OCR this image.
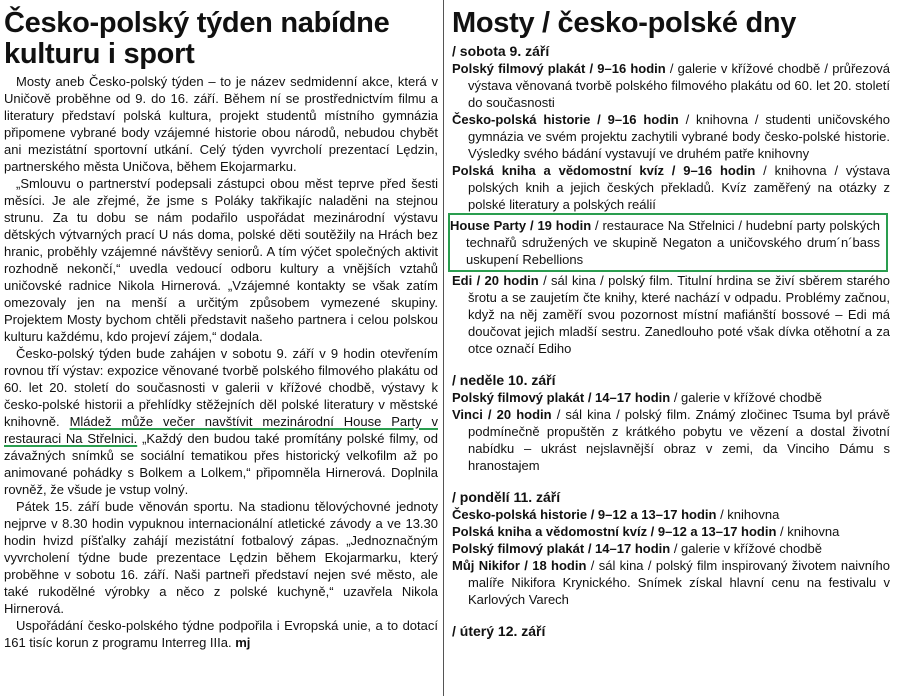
Česko-polský týden nabídne kulturu i sport

Mosty aneb Česko-polský týden – to je název sedmidenní akce, která v Uničově proběhne od 9. do 16. září. Během ní se prostřednictvím filmu a literatury představí polská kultura, projekt studentů místního gymnázia připomene vybrané body vzájemné historie obou národů, nebudou chybět ani mezistátní sportovní utkání. Celý týden vyvrcholí prezentací Lędzin, partnerského města Uničova, během Ekojarmarku.

„Smlouvu o partnerství podepsali zástupci obou měst teprve před šesti měsíci. Je ale zřejmé, že jsme s Poláky takřikajíc naladěni na stejnou strunu. Za tu dobu se nám podařilo uspořádat mezinárodní výstavu dětských výtvarných prací U nás doma, polské děti soutěžily na Hrách bez hranic, proběhly vzájemné návštěvy seniorů. A tím výčet společných aktivit rozhodně nekončí,“ uvedla vedoucí odboru kultury a vnějších vztahů uničovské radnice Nikola Hirnerová. „Vzájemné kontakty se však zatím omezovaly jen na menší a určitým způsobem vymezené skupiny. Projektem Mosty bychom chtěli představit našeho partnera i celou polskou kulturu každému, kdo projeví zájem,“ dodala.

Česko-polský týden bude zahájen v sobotu 9. září v 9 hodin otevřením rovnou tří výstav: expozice věnované tvorbě polského filmového plakátu od 60. let 20. století do současnosti v galerii v křížové chodbě, výstavy k česko-polské historii a přehlídky stěžejních děl polské literatury v městské knihovně. Mládež může večer navštívit mezinárodní House Party v restauraci Na Střelnici. „Každý den budou také promítány polské filmy, od závažných snímků se sociální tematikou přes historický velkofilm až po animované pohádky s Bolkem a Lolkem,“ připomněla Hirnerová. Doplnila rovněž, že všude je vstup volný.

Pátek 15. září bude věnován sportu. Na stadionu tělovýchovné jednoty nejprve v 8.30 hodin vypuknou internacionální atletické závody a ve 13.30 hodin hvizd píšťalky zahájí mezistátní fotbalový zápas. „Jednoznačným vyvrcholení týdne bude prezentace Lędzin během Ekojarmarku, který proběhne v sobotu 16. září. Naši partneři představí nejen své město, ale také rukodělné výrobky a něco z polské kuchyně,“ uzavřela Nikola Hirnerová.

Uspořádání česko-polského týdne podpořila i Evropská unie, a to dotací 161 tisíc korun z programu Interreg IIIa. mj

Mosty / česko-polské dny
/ sobota 9. září

Polský filmový plakát / 9–16 hodin / galerie v křížové chodbě / průřezová výstava věnovaná tvorbě polského filmového plakátu od 60. let 20. století do současnosti

Česko-polská historie / 9–16 hodin / knihovna / studenti uničovského gymnázia ve svém projektu zachytili vybrané body česko-polské historie. Výsledky svého bádání vystavují ve druhém patře knihovny

Polská kniha a vědomostní kvíz / 9–16 hodin / knihovna / výstava polských knih a jejich českých překladů. Kvíz zaměřený na otázky z polské literatury a polských reálií

House Party / 19 hodin / restaurace Na Střelnici / hudební party polských technařů sdružených ve skupině Negaton a uničovského drum´n´bass uskupení Rebellions

Edi / 20 hodin / sál kina / polský film. Titulní hrdina se živí sběrem starého šrotu a se zaujetím čte knihy, které nachází v odpadu. Problémy začnou, když na něj zaměří svou pozornost místní mafiánští bossové – Edi má doučovat jejich mladší sestru. Zanedlouho poté však dívka otěhotní a za otce označí Ediho

/ neděle 10. září

Polský filmový plakát / 14–17 hodin / galerie v křížové chodbě

Vinci / 20 hodin / sál kina / polský film. Známý zločinec Tsuma byl právě podmínečně propuštěn z krátkého pobytu ve vězení a dostal životní nabídku – ukrást nejslavnější obraz v zemi, da Vinciho Dámu s hranostajem

/ pondělí 11. září

Česko-polská historie / 9–12 a 13–17 hodin / knihovna

Polská kniha a vědomostní kvíz / 9–12 a 13–17 hodin / knihovna

Polský filmový plakát / 14–17 hodin / galerie v křížové chodbě

Můj Nikifor / 18 hodin / sál kina / polský film inspirovaný životem naivního malíře Nikifora Krynického. Snímek získal hlavní cenu na festivalu v Karlových Varech

/ úterý 12. září
